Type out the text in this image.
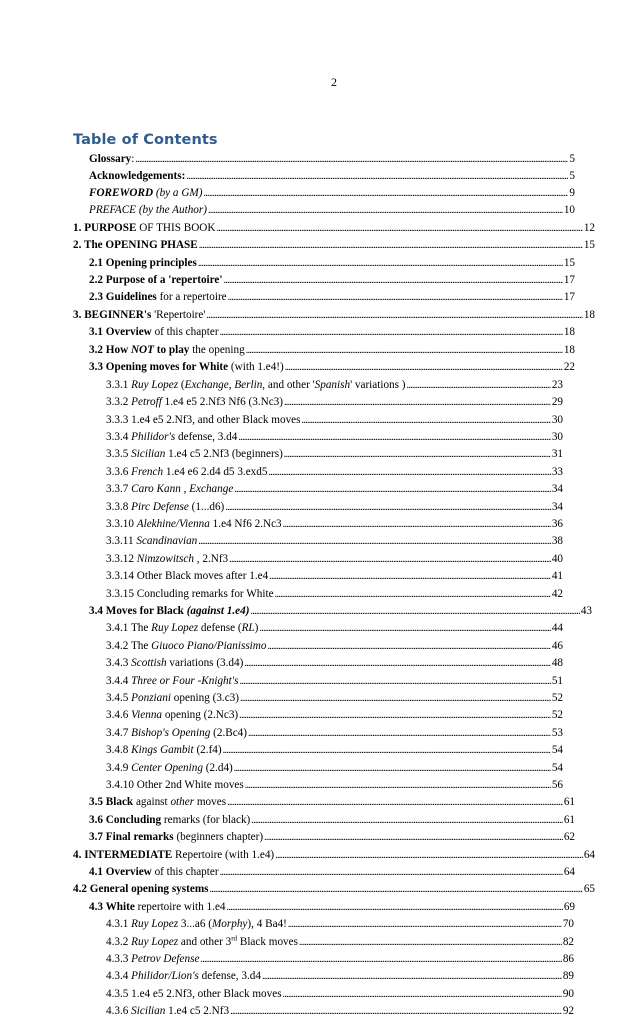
2
Table of Contents
Glossary: . . .	5
Acknowledgements: . . .	5
FOREWORD (by a GM) . . .	9
PREFACE (by the Author) . . .	10
1. PURPOSE OF THIS BOOK . . .	12
2. The OPENING PHASE . . .	15
2.1 Opening principles . . .	15
2.2 Purpose of a 'repertoire' . . .	17
2.3 Guidelines for a repertoire . . .	17
3. BEGINNER's 'Repertoire' . . .	18
3.1 Overview of this chapter . . .	18
3.2 How NOT to play the opening . . .	18
3.3 Opening moves for White (with 1.e4!) . . .	22
3.3.1 Ruy Lopez (Exchange, Berlin, and other 'Spanish' variations ) . . .	23
3.3.2 Petroff 1.e4 e5 2.Nf3 Nf6 (3.Nc3) . . .	29
3.3.3 1.e4 e5 2.Nf3, and other Black moves . . .	30
3.3.4 Philidor's defense, 3.d4 . . .	30
3.3.5 Sicilian 1.e4 c5 2.Nf3 (beginners) . . .	31
3.3.6 French 1.e4 e6 2.d4 d5 3.exd5 . . .	33
3.3.7 Caro Kann , Exchange . . .	34
3.3.8 Pirc Defense (1...d6) . . .	34
3.3.10 Alekhine/Vienna 1.e4 Nf6 2.Nc3 . . .	36
3.3.11 Scandinavian . . .	38
3.3.12 Nimzowitsch , 2.Nf3 . . .	40
3.3.14 Other Black moves after 1.e4 . . .	41
3.3.15 Concluding remarks for White . . .	42
3.4 Moves for Black (against 1.e4) . . .	43
3.4.1 The Ruy Lopez defense (RL) . . .	44
3.4.2 The Giuoco Piano/Pianissimo . . .	46
3.4.3 Scottish variations (3.d4) . . .	48
3.4.4 Three or Four -Knight's . . .	51
3.4.5 Ponziani opening (3.c3) . . .	52
3.4.6 Vienna opening (2.Nc3) . . .	52
3.4.7 Bishop's Opening (2.Bc4) . . .	53
3.4.8 Kings Gambit (2.f4) . . .	54
3.4.9 Center Opening (2.d4) . . .	54
3.4.10 Other 2nd White moves . . .	56
3.5 Black against other moves . . .	61
3.6 Concluding remarks (for black) . . .	61
3.7 Final remarks (beginners chapter) . . .	62
4. INTERMEDIATE Repertoire (with 1.e4) . . .	64
4.1 Overview of this chapter . . .	64
4.2 General opening systems . . .	65
4.3 White repertoire with 1.e4 . . .	69
4.3.1 Ruy Lopez 3...a6 (Morphy), 4 Ba4! . . .	70
4.3.2 Ruy Lopez and other 3rd Black moves . . .	82
4.3.3 Petrov Defense . . .	86
4.3.4 Philidor/Lion's defense, 3.d4 . . .	89
4.3.5 1.e4 e5 2.Nf3, other Black moves . . .	90
4.3.6 Sicilian 1.e4 c5 2.Nf3 . . .	92
